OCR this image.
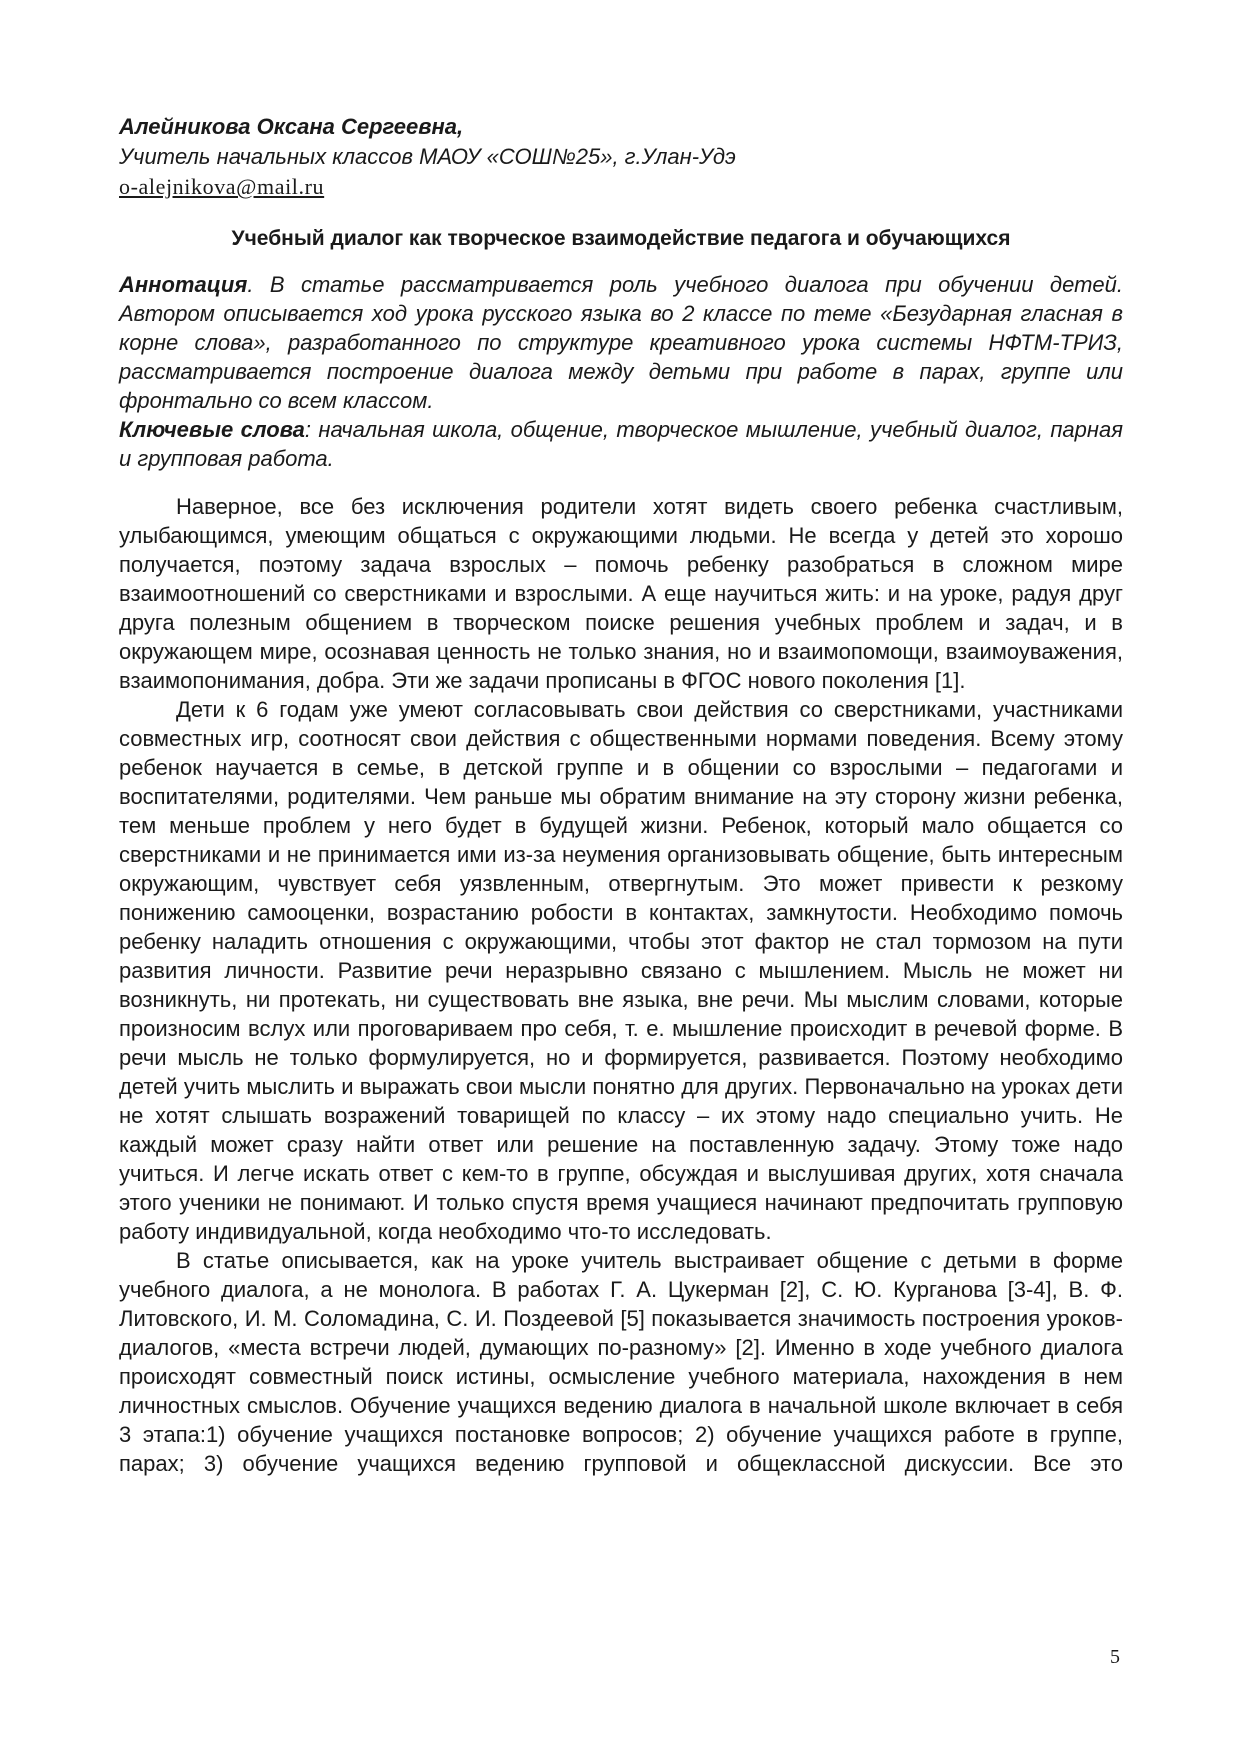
Алейникова Оксана Сергеевна,

Учитель начальных классов МАОУ «СОШ№25», г.Улан-Удэ

o-alejnikova@mail.ru
Учебный диалог как творческое взаимодействие педагога и обучающихся

Аннотация. В статье рассматривается роль учебного диалога при обучении детей. Автором описывается ход урока русского языка во 2 классе по теме «Безударная гласная в корне слова», разработанного по структуре креативного урока системы НФТМ-ТРИЗ, рассматривается построение диалога между детьми при работе в парах, группе или фронтально со всем классом.

Ключевые слова: начальная школа, общение, творческое мышление, учебный диалог, парная и групповая работа.

Наверное, все без исключения родители хотят видеть своего ребенка счастливым, улыбающимся, умеющим общаться с окружающими людьми. Не всегда у детей это хорошо получается, поэтому задача взрослых – помочь ребенку разобраться в сложном мире взаимоотношений со сверстниками и взрослыми. А еще научиться жить: и на уроке, радуя друг друга полезным общением в творческом поиске решения учебных проблем и задач, и в окружающем мире, осознавая ценность не только знания, но и взаимопомощи, взаимоуважения, взаимопонимания, добра. Эти же задачи прописаны в ФГОС нового поколения [1].

Дети к 6 годам уже умеют согласовывать свои действия со сверстниками, участниками совместных игр, соотносят свои действия с общественными нормами поведения. Всему этому ребенок научается в семье, в детской группе и в общении со взрослыми – педагогами и воспитателями, родителями. Чем раньше мы обратим внимание на эту сторону жизни ребенка, тем меньше проблем у него будет в будущей жизни. Ребенок, который мало общается со сверстниками и не принимается ими из-за неумения организовывать общение, быть интересным окружающим, чувствует себя уязвленным, отвергнутым. Это может привести к резкому понижению самооценки, возрастанию робости в контактах, замкнутости. Необходимо помочь ребенку наладить отношения с окружающими, чтобы этот фактор не стал тормозом на пути развития личности. Развитие речи неразрывно связано с мышлением. Мысль не может ни возникнуть, ни протекать, ни существовать вне языка, вне речи. Мы мыслим словами, которые произносим вслух или проговариваем про себя, т. е. мышление происходит в речевой форме. В речи мысль не только формулируется, но и формируется, развивается. Поэтому необходимо детей учить мыслить и выражать свои мысли понятно для других. Первоначально на уроках дети не хотят слышать возражений товарищей по классу – их этому надо специально учить. Не каждый может сразу найти ответ или решение на поставленную задачу. Этому тоже надо учиться. И легче искать ответ с кем-то в группе, обсуждая и выслушивая других, хотя сначала этого ученики не понимают. И только спустя время учащиеся начинают предпочитать групповую работу индивидуальной, когда необходимо что-то исследовать.

В статье описывается, как на уроке учитель выстраивает общение с детьми в форме учебного диалога, а не монолога. В работах Г. А. Цукерман [2], С. Ю. Курганова [3-4], В. Ф. Литовского, И. М. Соломадина, С. И. Поздеевой [5] показывается значимость построения уроков-диалогов, «места встречи людей, думающих по-разному» [2]. Именно в ходе учебного диалога происходят совместный поиск истины, осмысление учебного материала, нахождения в нем личностных смыслов. Обучение учащихся ведению диалога в начальной школе включает в себя 3 этапа:1) обучение учащихся постановке вопросов; 2) обучение учащихся работе в группе, парах; 3) обучение учащихся ведению групповой и общеклассной дискуссии. Все это

5
